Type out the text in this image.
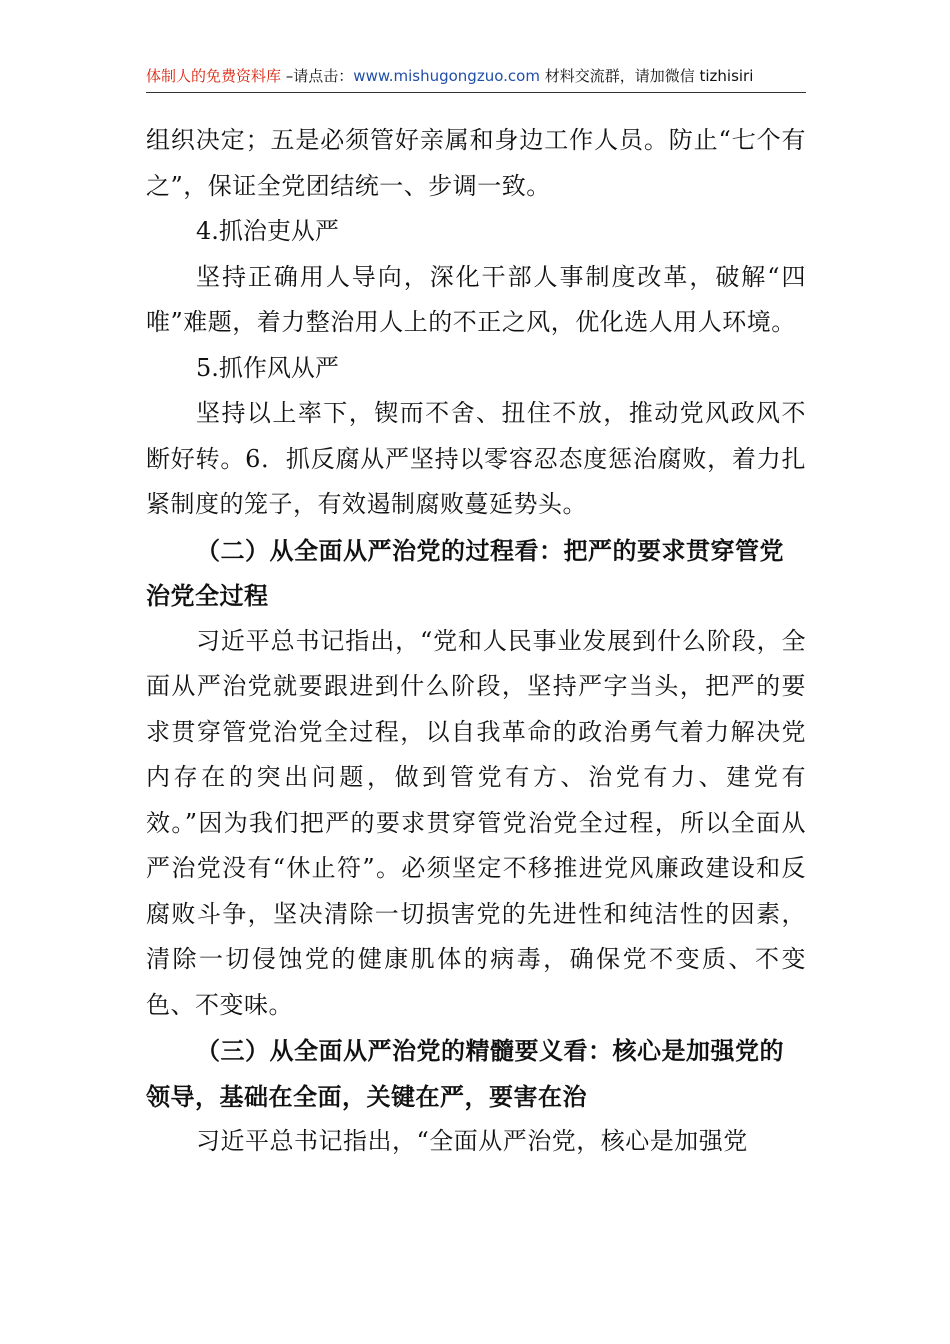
体制人的免费资料库 –请点击：www.mishugongzuo.com 材料交流群，请加微信 tizhisiri

组织决定；五是必须管好亲属和身边工作人员。防止“七个有之”，保证全党团结统一、步调一致。

4.抓治吏从严

坚持正确用人导向，深化干部人事制度改革，破解“四唯”难题，着力整治用人上的不正之风，优化选人用人环境。

5.抓作风从严

坚持以上率下，锲而不舍、扭住不放，推动党风政风不断好转。6．抓反腐从严坚持以零容忍态度惩治腐败，着力扎紧制度的笼子，有效遏制腐败蔓延势头。

（二）从全面从严治党的过程看：把严的要求贯穿管党治党全过程

习近平总书记指出，“党和人民事业发展到什么阶段，全面从严治党就要跟进到什么阶段，坚持严字当头，把严的要求贯穿管党治党全过程，以自我革命的政治勇气着力解决党内存在的突出问题，做到管党有方、治党有力、建党有效。”因为我们把严的要求贯穿管党治党全过程，所以全面从严治党没有“休止符”。必须坚定不移推进党风廉政建设和反腐败斗争，坚决清除一切损害党的先进性和纯洁性的因素，清除一切侵蚀党的健康肌体的病毒，确保党不变质、不变色、不变味。

（三）从全面从严治党的精髓要义看：核心是加强党的领导，基础在全面，关键在严，要害在治

习近平总书记指出，“全面从严治党，核心是加强党
